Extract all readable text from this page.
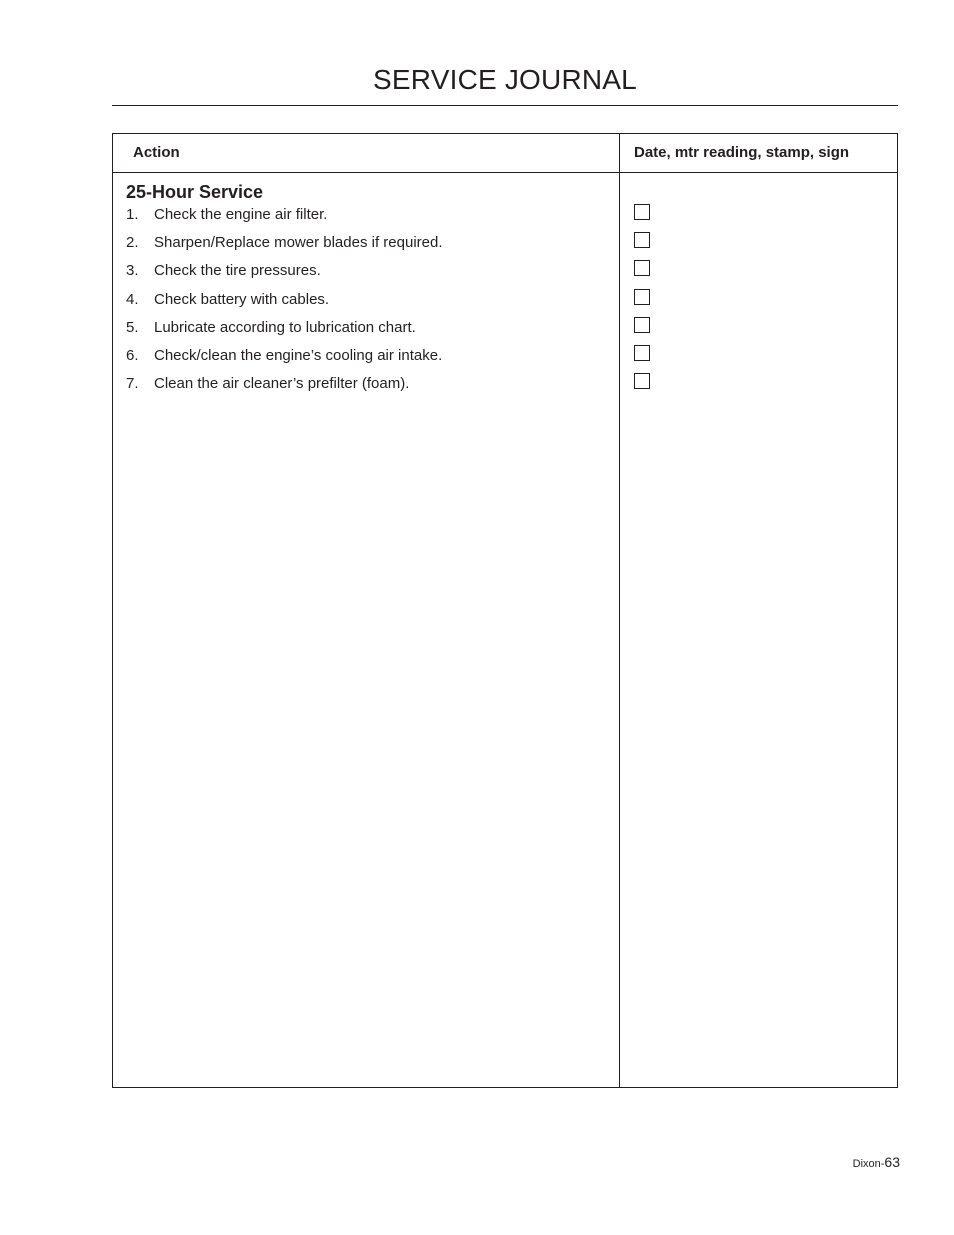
SERVICE JOURNAL
Action	Date, mtr reading, stamp, sign
25-Hour Service
1. Check the engine air filter.
2. Sharpen/Replace mower blades if required.
3. Check the tire pressures.
4. Check battery with cables.
5. Lubricate according to lubrication chart.
6. Check/clean the engine’s cooling air intake.
7. Clean the air cleaner’s prefilter (foam).
Dixon-63
